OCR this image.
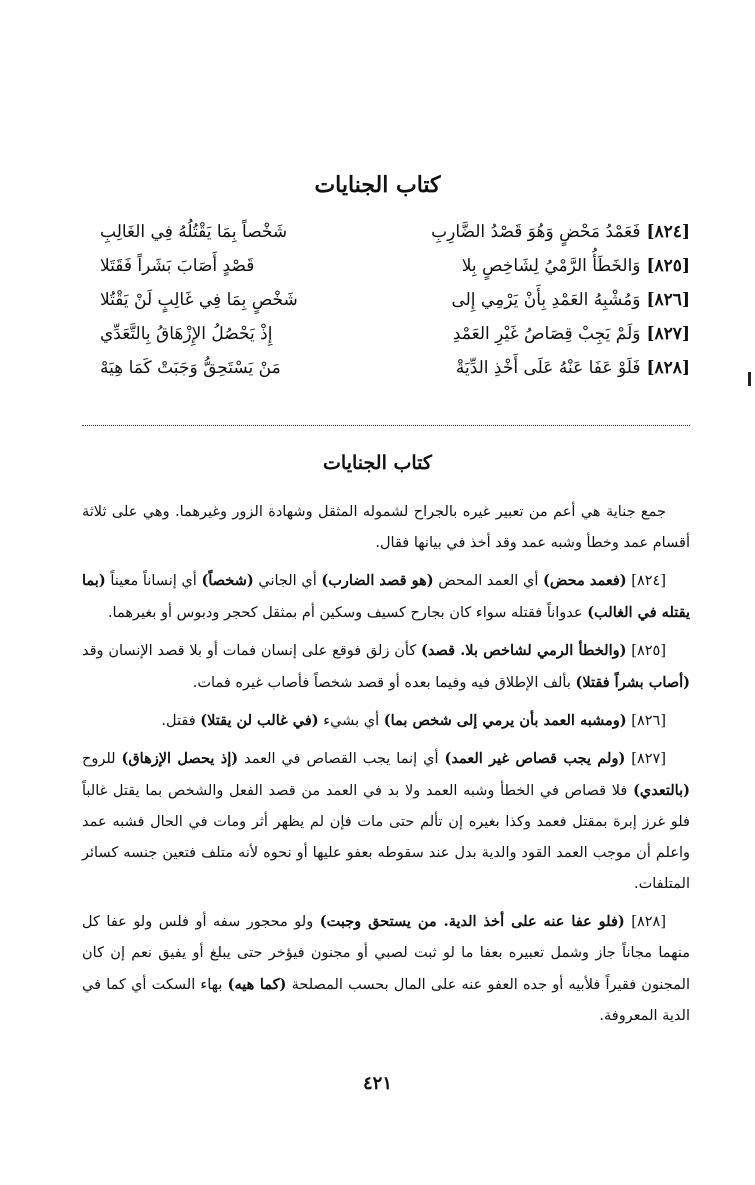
كتاب الجنايات
[٨٢٤]فَعَمْدُ مَحْضٍ وَهُوَ قَصْدُ الضَّارِبِ
شَخْصاً بِمَا يَقْتُلُهُ فِي الغَالِبِ
[٨٢٥]وَالخَطَأُ الرَّمْيُ لِشَاخِصٍ بِلا
قَصْدٍ أَصَابَ بَشَراً فَقَتَلا
[٨٢٦]وَمُشْبِهُ العَمْدِ بِأَنْ يَرْمِي إِلى
شَخْصٍ بِمَا فِي غَالِبٍ لَنْ يَقْتُلا
[٨٢٧]وَلَمْ يَجِبْ قِصَاصُ غَيْرِ العَمْدِ
إِذْ يَحْصُلُ الإِزْهَاقُ بِالتَّعَدِّي
[٨٢٨]فَلَوْ عَفَا عَنْهُ عَلَى أَخْذِ الدِّيَةْ
مَنْ يَسْتَحِقُّ وَجَبَتْ كَمَا هِيَهْ
كتاب الجنايات

جمع جناية هي أعم من تعبير غيره بالجراح لشموله المثقل وشهادة الزور وغيرهما. وهي على ثلاثة أقسام عمد وخطأ وشبه عمد وقد أخذ في بيانها فقال.

[٨٢٤] (فعمد محض) أي العمد المحض (هو قصد الضارب) أي الجاني (شخصاً) أي إنساناً معيناً (بما يقتله في الغالب) عدواناً فقتله سواء كان بجارح كسيف وسكين أم بمثقل كحجر ودبوس أو بغيرهما.

[٨٢٥] (والخطأ الرمي لشاخص بلا. قصد) كأن زلق فوقع على إنسان فمات أو بلا قصد الإنسان وقد (أصاب بشراً فقتلا) بألف الإطلاق فيه وفيما بعده أو قصد شخصاً فأصاب غيره فمات.

[٨٢٦] (ومشبه العمد بأن يرمي إلى شخص بما) أي بشيء (في غالب لن يقتلا) فقتل.

[٨٢٧] (ولم يجب قصاص غير العمد) أي إنما يجب القصاص في العمد (إذ يحصل الإزهاق) للروح (بالتعدي) فلا قصاص في الخطأ وشبه العمد ولا بد في العمد من قصد الفعل والشخص بما يقتل غالباً فلو غرز إبرة بمقتل فعمد وكذا بغيره إن تألم حتى مات فإن لم يظهر أثر ومات في الحال فشبه عمد واعلم أن موجب العمد القود والدية بدل عند سقوطه بعفو عليها أو نحوه لأنه متلف فتعين جنسه كسائر المتلفات.

[٨٢٨] (فلو عفا عنه على أخذ الدية. من يستحق وجبت) ولو محجور سفه أو فلس ولو عفا كل منهما مجاناً جاز وشمل تعبيره بعفا ما لو ثبت لصبي أو مجنون فيؤخر حتى يبلغ أو يفيق نعم إن كان المجنون فقيراً فلأبيه أو جده العفو عنه على المال بحسب المصلحة (كما هيه) بهاء السكت أي كما في الدية المعروفة.

٤٢١
